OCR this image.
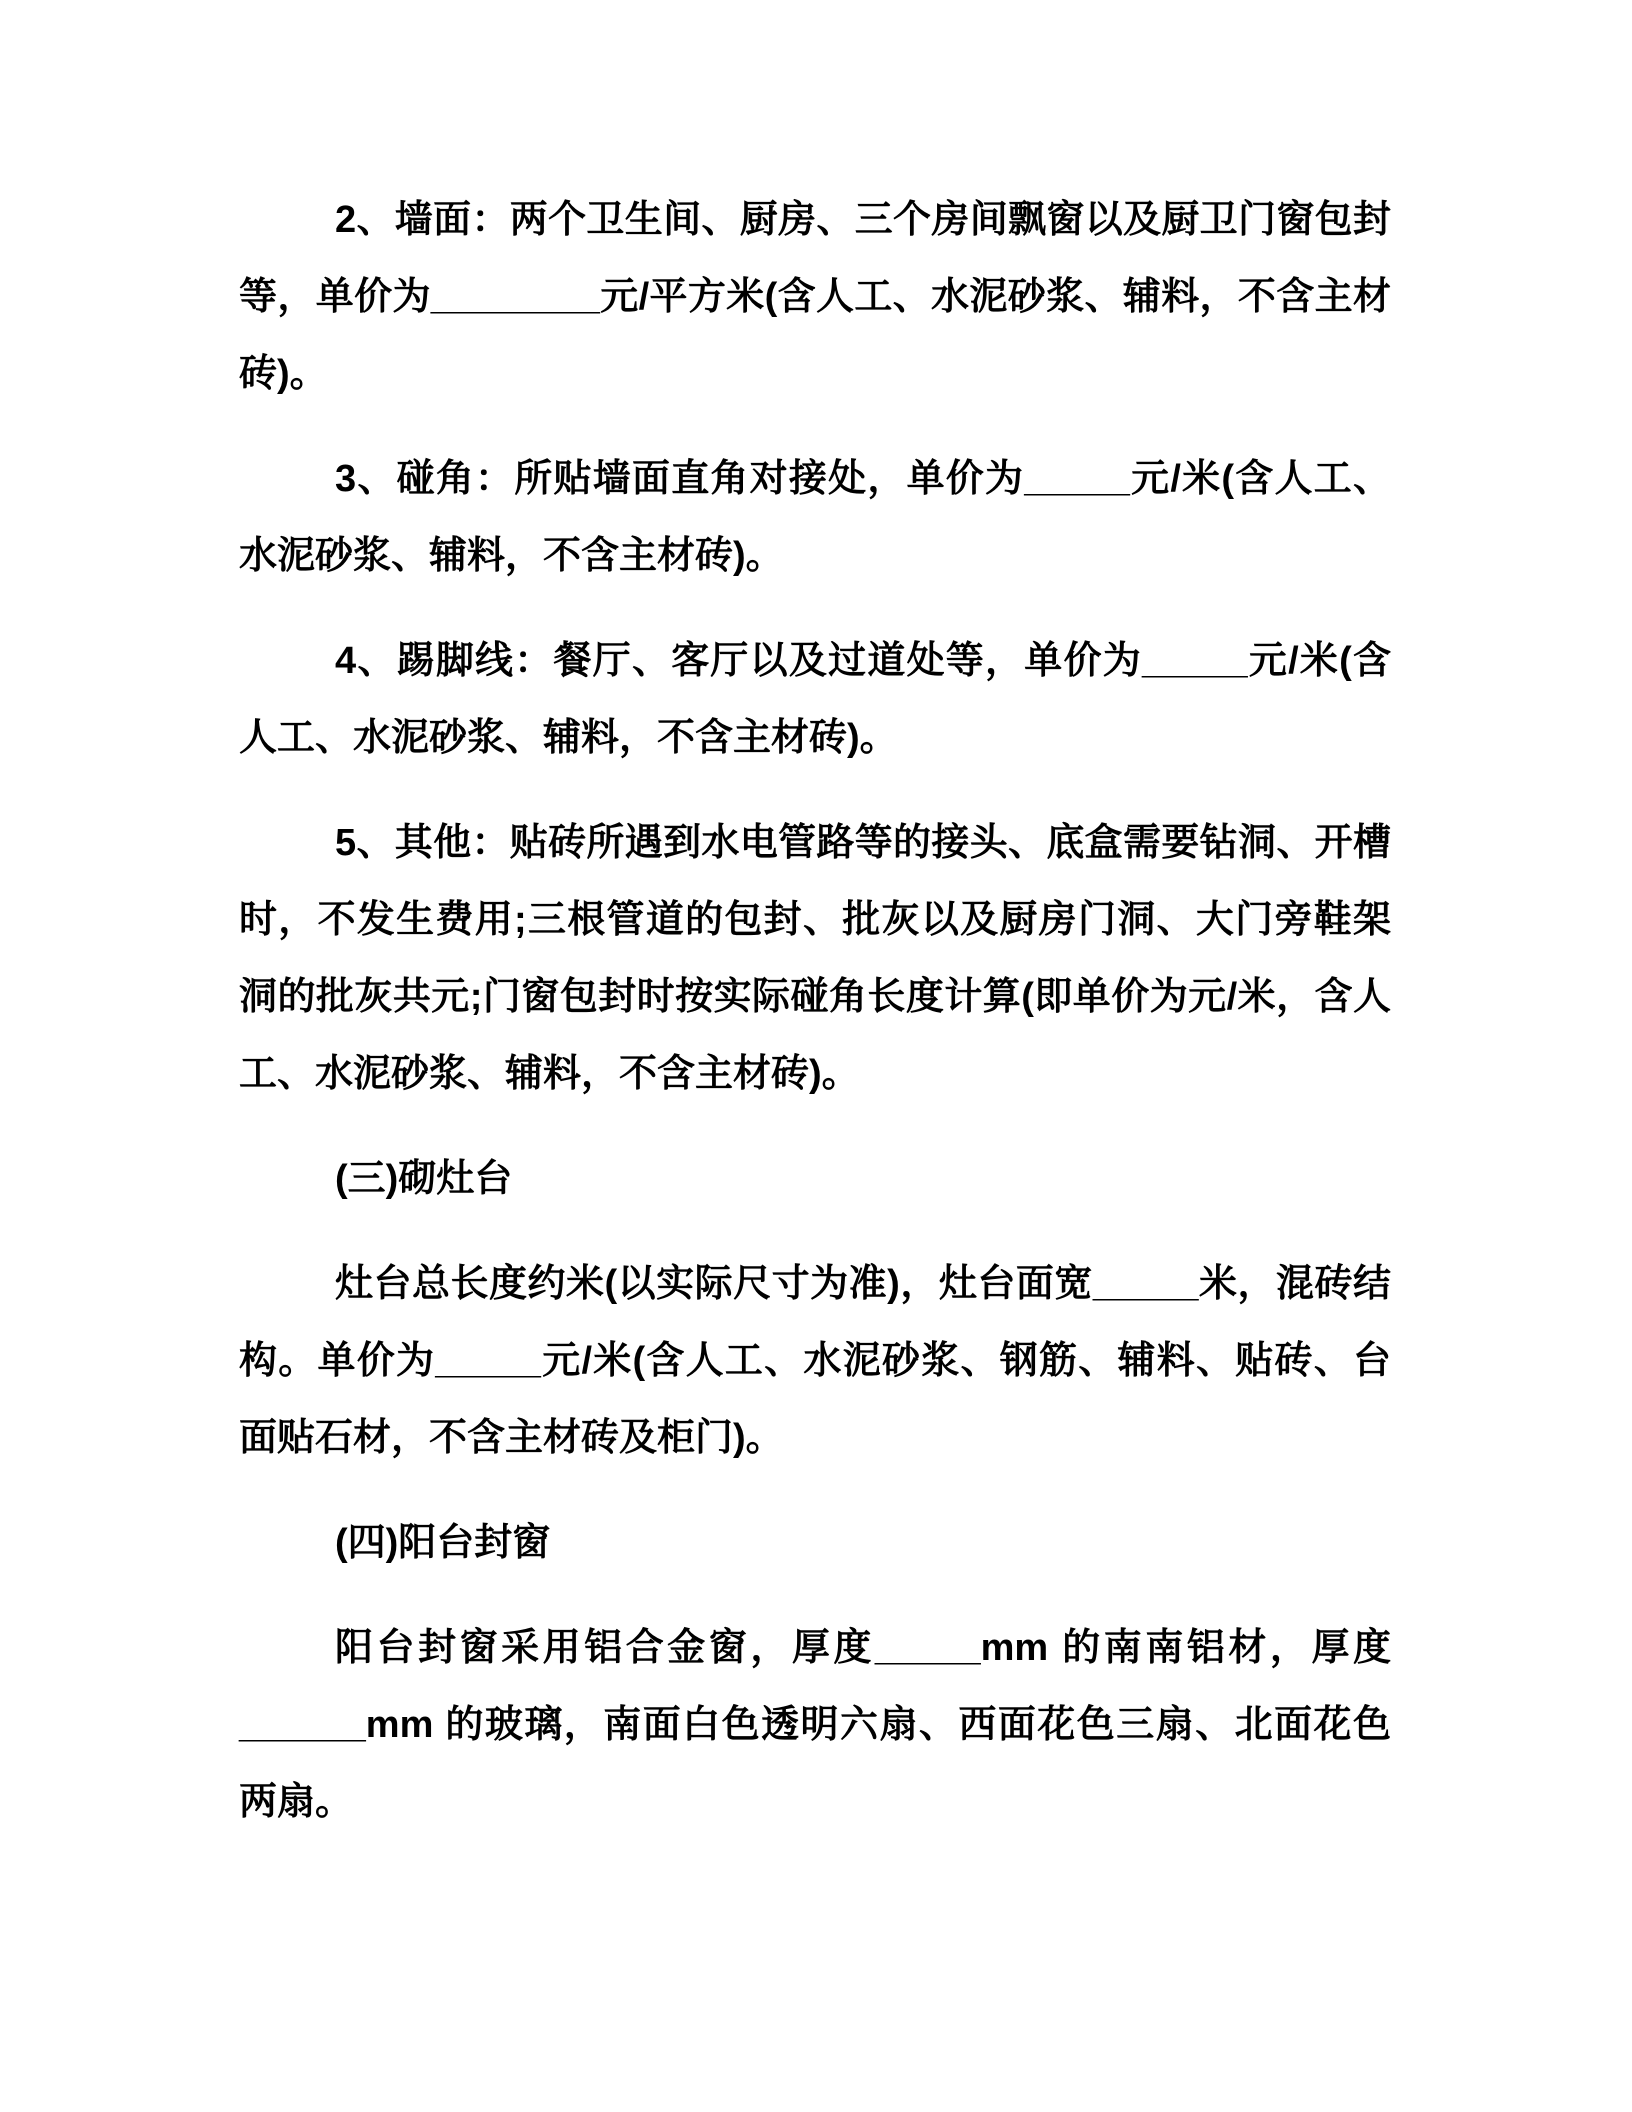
2、墙面：两个卫生间、厨房、三个房间飘窗以及厨卫门窗包封等，单价为________元/平方米(含人工、水泥砂浆、辅料，不含主材砖)。

3、碰角：所贴墙面直角对接处，单价为_____元/米(含人工、水泥砂浆、辅料，不含主材砖)。

4、踢脚线：餐厅、客厅以及过道处等，单价为_____元/米(含人工、水泥砂浆、辅料，不含主材砖)。

5、其他：贴砖所遇到水电管路等的接头、底盒需要钻洞、开槽时，不发生费用;三根管道的包封、批灰以及厨房门洞、大门旁鞋架洞的批灰共元;门窗包封时按实际碰角长度计算(即单价为元/米，含人工、水泥砂浆、辅料，不含主材砖)。

(三)砌灶台

灶台总长度约米(以实际尺寸为准)，灶台面宽_____米，混砖结构。单价为_____元/米(含人工、水泥砂浆、钢筋、辅料、贴砖、台面贴石材，不含主材砖及柜门)。

(四)阳台封窗

阳台封窗采用铝合金窗，厚度_____mm 的南南铝材，厚度______mm 的玻璃，南面白色透明六扇、西面花色三扇、北面花色两扇。
